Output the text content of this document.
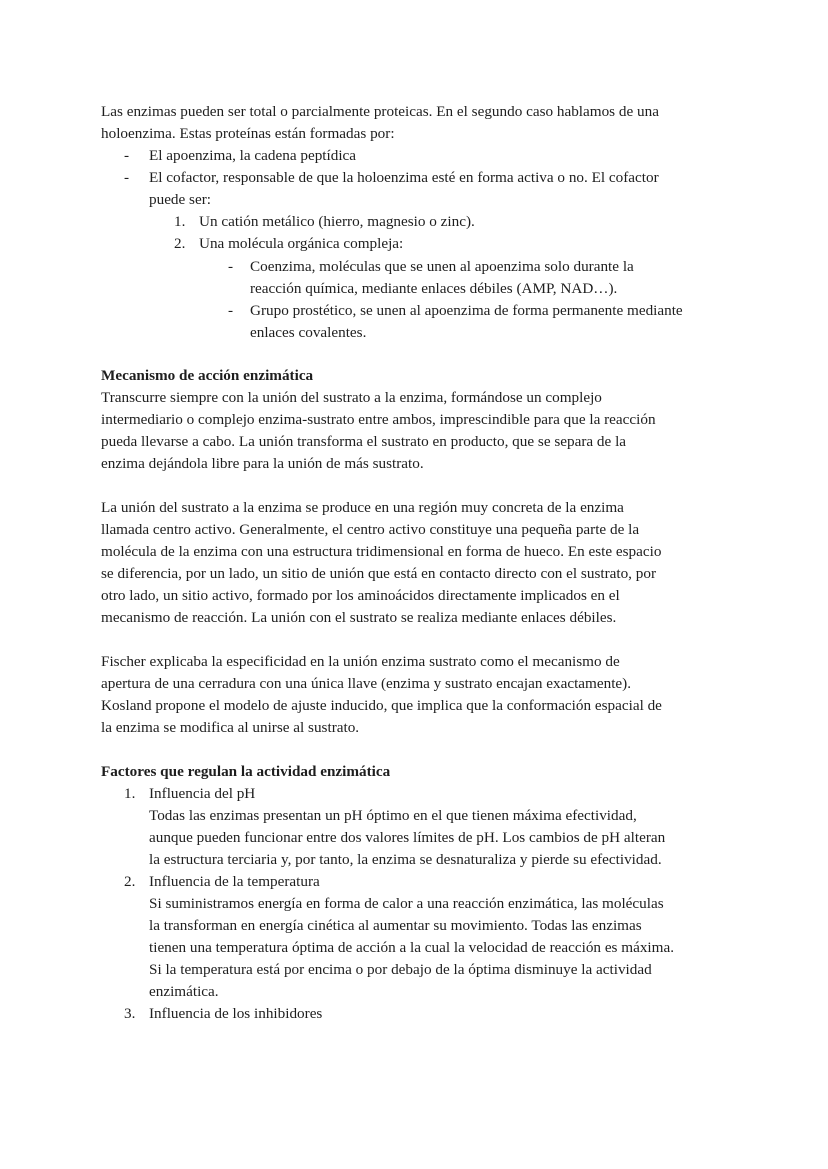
Las enzimas pueden ser total o parcialmente proteicas. En el segundo caso hablamos de una
holoenzima. Estas proteínas están formadas por:
- El apoenzima, la cadena peptídica
- El cofactor, responsable de que la holoenzima esté en forma activa o no. El cofactor
puede ser:
1. Un catión metálico (hierro, magnesio o zinc).
2. Una molécula orgánica compleja:
- Coenzima, moléculas que se unen al apoenzima solo durante la
reacción química, mediante enlaces débiles (AMP, NAD…).
- Grupo prostético, se unen al apoenzima de forma permanente mediante
enlaces covalentes.
Mecanismo de acción enzimática
Transcurre siempre con la unión del sustrato a la enzima, formándose un complejo
intermediario o complejo enzima-sustrato entre ambos, imprescindible para que la reacción
pueda llevarse a cabo. La unión transforma el sustrato en producto, que se separa de la
enzima dejándola libre para la unión de más sustrato.
La unión del sustrato a la enzima se produce en una región muy concreta de la enzima
llamada centro activo. Generalmente, el centro activo constituye una pequeña parte de la
molécula de la enzima con una estructura tridimensional en forma de hueco. En este espacio
se diferencia, por un lado, un sitio de unión que está en contacto directo con el sustrato, por
otro lado, un sitio activo, formado por los aminoácidos directamente implicados en el
mecanismo de reacción. La unión con el sustrato se realiza mediante enlaces débiles.
Fischer explicaba la especificidad en la unión enzima sustrato como el mecanismo de
apertura de una cerradura con una única llave (enzima y sustrato encajan exactamente).
Kosland propone el modelo de ajuste inducido, que implica que la conformación espacial de
la enzima se modifica al unirse al sustrato.
Factores que regulan la actividad enzimática
1. Influencia del pH
Todas las enzimas presentan un pH óptimo en el que tienen máxima efectividad,
aunque pueden funcionar entre dos valores límites de pH. Los cambios de pH alteran
la estructura terciaria y, por tanto, la enzima se desnaturaliza y pierde su efectividad.
2. Influencia de la temperatura
Si suministramos energía en forma de calor a una reacción enzimática, las moléculas
la transforman en energía cinética al aumentar su movimiento. Todas las enzimas
tienen una temperatura óptima de acción a la cual la velocidad de reacción es máxima.
Si la temperatura está por encima o por debajo de la óptima disminuye la actividad
enzimática.
3. Influencia de los inhibidores
